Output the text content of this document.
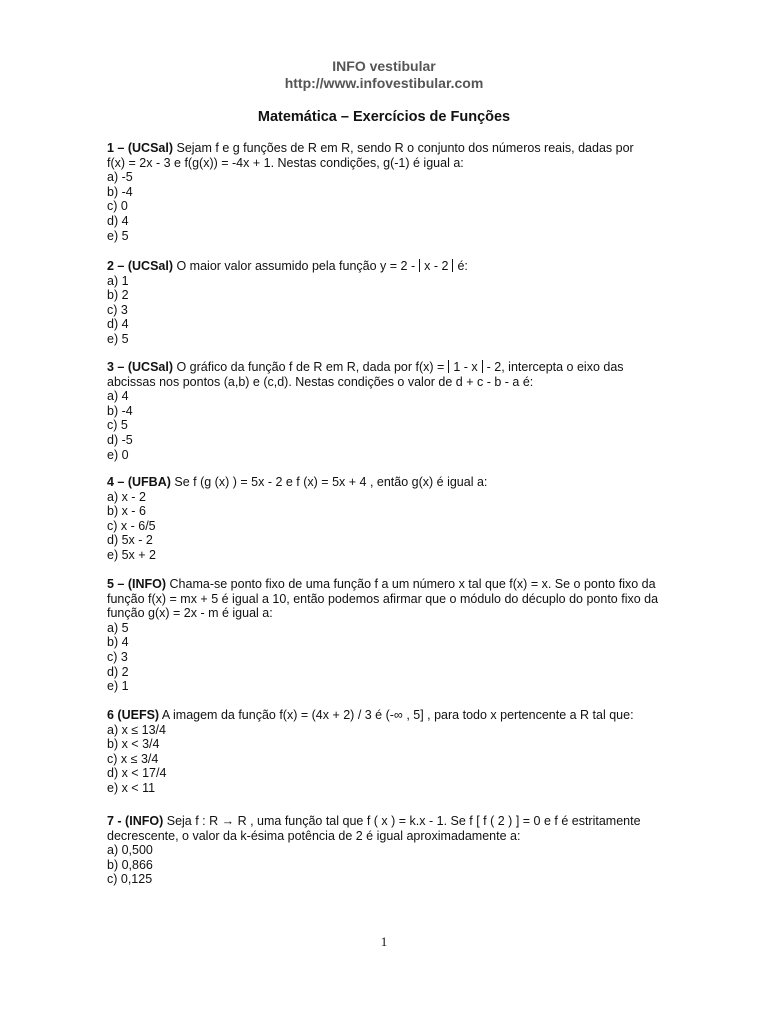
INFO vestibular
http://www.infovestibular.com
Matemática – Exercícios de Funções

1 – (UCSal) Sejam f e g funções de R em R, sendo R o conjunto dos números reais, dadas por
f(x) = 2x - 3 e f(g(x)) = -4x + 1. Nestas condições, g(-1) é igual a:

a) -5
b) -4
c) 0
d) 4
e) 5

2 – (UCSal) O maior valor assumido pela função y = 2 - x - 2 é:

a) 1
b) 2
c) 3
d) 4
e) 5

3 – (UCSal) O gráfico da função f de R em R, dada por f(x) = 1 - x - 2, intercepta o eixo das
abcissas nos pontos (a,b) e (c,d). Nestas condições o valor de d + c - b - a é:

a) 4
b) -4
c) 5
d) -5
e) 0

4 – (UFBA) Se f (g (x) ) = 5x - 2 e f (x) = 5x + 4 , então g(x) é igual a:

a) x - 2
b) x - 6
c) x - 6/5
d) 5x - 2
e) 5x + 2

5 – (INFO) Chama-se ponto fixo de uma função f a um número x tal que f(x) = x. Se o ponto fixo da
função f(x) = mx + 5 é igual a 10, então podemos afirmar que o módulo do décuplo do ponto fixo da
função g(x) = 2x - m é igual a:

a) 5
b) 4
c) 3
d) 2
e) 1

6 (UEFS) A imagem da função f(x) = (4x + 2) / 3 é (-∞ , 5] , para todo x pertencente a R tal que:

a) x ≤ 13/4
b) x < 3/4
c) x ≤ 3/4
d) x < 17/4
e) x < 11

7 - (INFO) Seja f : R → R , uma função tal que f ( x ) = k.x - 1. Se f [ f ( 2 ) ] = 0 e f é estritamente
decrescente, o valor da k-ésima potência de 2 é igual aproximadamente a:

a) 0,500
b) 0,866
c) 0,125
1
